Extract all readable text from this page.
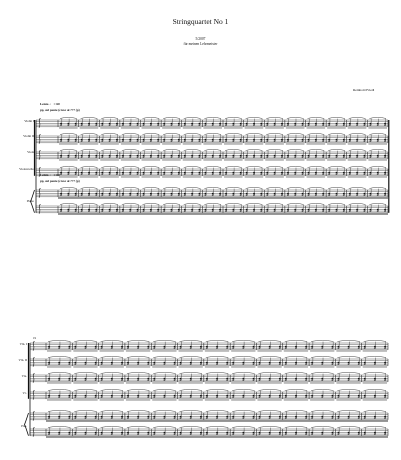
Stringquartet No 1
5/2007
für meinen Lehrmeister
Reinhold Friedl
Lento ♩ = 60
pp, sul ponte (cresc al ??? (p)
Lento ♩ = 60
pp, sul ponte (cresc al ??? (p)
Violin I
Violin II
Viola
Violoncello
Piano
19
Vln. I
Vln. II
Vla.
Vc.
Pno.
